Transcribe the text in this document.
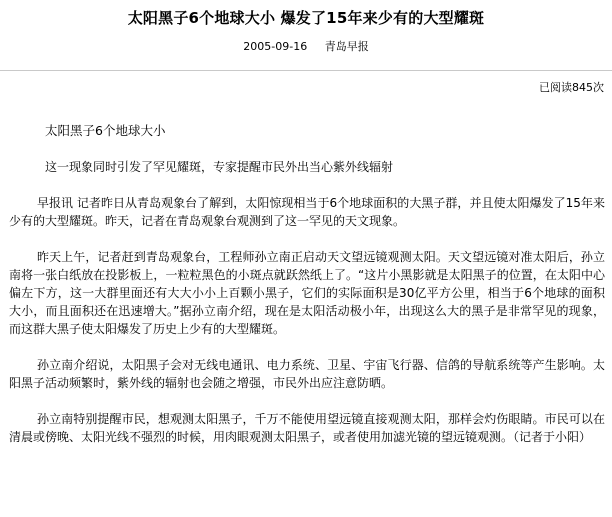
太阳黑子6个地球大小 爆发了15年来少有的大型耀斑
2005-09-16 青岛早报
已阅读845次
太阳黑子6个地球大小
这一现象同时引发了罕见耀斑，专家提醒市民外出当心紫外线辐射

早报讯 记者昨日从青岛观象台了解到，太阳惊现相当于6个地球面积的大黑子群，并且使太阳爆发了15年来少有的大型耀斑。昨天，记者在青岛观象台观测到了这一罕见的天文现象。

昨天上午，记者赶到青岛观象台，工程师孙立南正启动天文望远镜观测太阳。天文望远镜对准太阳后，孙立南将一张白纸放在投影板上，一粒粒黑色的小斑点就跃然纸上了。“这片小黑影就是太阳黑子的位置，在太阳中心偏左下方，这一大群里面还有大大小小上百颗小黑子，它们的实际面积是30亿平方公里，相当于6个地球的面积大小，而且面积还在迅速增大。”据孙立南介绍，现在是太阳活动极小年，出现这么大的黑子是非常罕见的现象，而这群大黑子使太阳爆发了历史上少有的大型耀斑。

孙立南介绍说，太阳黑子会对无线电通讯、电力系统、卫星、宇宙飞行器、信鸽的导航系统等产生影响。太阳黑子活动频繁时，紫外线的辐射也会随之增强，市民外出应注意防晒。

孙立南特别提醒市民，想观测太阳黑子，千万不能使用望远镜直接观测太阳，那样会灼伤眼睛。市民可以在清晨或傍晚、太阳光线不强烈的时候，用肉眼观测太阳黑子，或者使用加滤光镜的望远镜观测。（记者于小阳）
